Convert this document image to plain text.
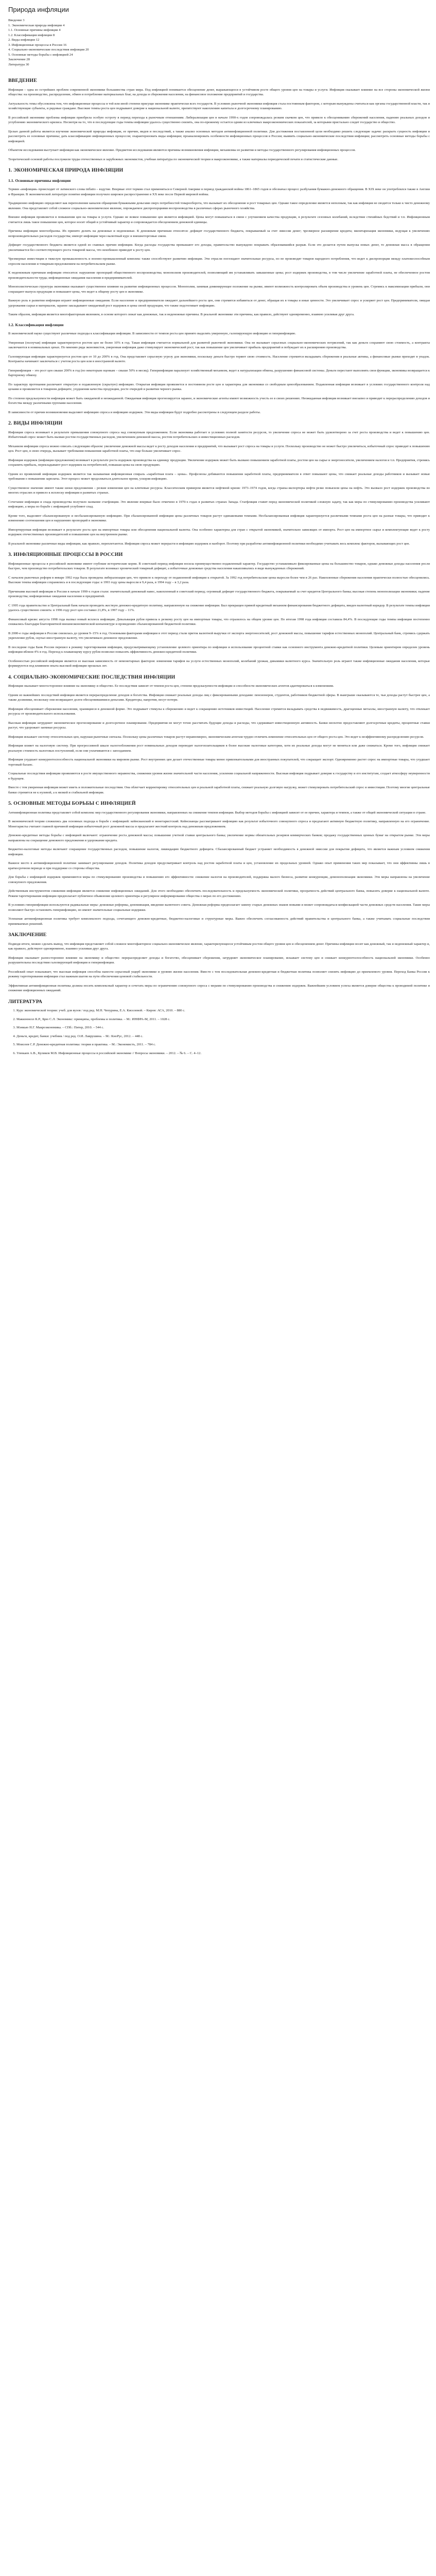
Природа инфляции
Введение 3
1. Экономическая природа инфляции 4
1.1. Основные причины инфляции 4
1.2. Классификация инфляции 8
2. Виды инфляции 12
3. Инфляционные процессы в России 16
4. Социально-экономические последствия инфляции 20
5. Основные методы борьбы с инфляцией 24
Заключение 28
Литература 30
ВВЕДЕНИЕ

Инфляция – одна из острейших проблем современной экономики большинства стран мира. Под инфляцией понимается обесценение денег, выражающееся в устойчивом росте общего уровня цен на товары и услуги. Инфляция оказывает влияние на все стороны экономической жизни общества: на производство, распределение, обмен и потребление материальных благ, на доходы и сбережения населения, на финансовое положение предприятий и государства.

Актуальность темы обусловлена тем, что инфляционные процессы в той или иной степени присущи экономике практически всех государств. В условиях рыночной экономики инфляция стала постоянным фактором, с которым вынуждены считаться как органы государственной власти, так и хозяйствующие субъекты, и рядовые граждане. Высокие темпы роста цен подрывают доверие к национальной валюте, препятствуют накоплению капитала и долгосрочному планированию.

В российской экономике проблема инфляции приобрела особую остроту в период перехода к рыночным отношениям. Либерализация цен в начале 1990-х годов сопровождалась резким скачком цен, что привело к обесцениванию сбережений населения, падению реальных доходов и углублению экономического кризиса. Несмотря на то, что в последующие годы темпы инфляции удалось существенно снизить, она по-прежнему остается одним из ключевых макроэкономических показателей, за которыми пристально следят государство и общество.

Целью данной работы является изучение экономической природы инфляции, ее причин, видов и последствий, а также анализ основных методов антиинфляционной политики. Для достижения поставленной цели необходимо решить следующие задачи: раскрыть сущность инфляции и рассмотреть ее основные причины; дать классификацию инфляционных процессов; охарактеризовать виды инфляции; проанализировать особенности инфляционных процессов в России; выявить социально-экономические последствия инфляции; рассмотреть основные методы борьбы с инфляцией.

Объектом исследования выступает инфляция как экономическое явление. Предметом исследования являются причины возникновения инфляции, механизмы ее развития и методы государственного регулирования инфляционных процессов.

Теоретической основой работы послужили труды отечественных и зарубежных экономистов, учебная литература по экономической теории и макроэкономике, а также материалы периодической печати и статистические данные.

1. ЭКОНОМИЧЕСКАЯ ПРИРОДА ИНФЛЯЦИИ
1.1. Основные причины инфляции

Термин «инфляция» происходит от латинского слова inflatio – вздутие. Впервые этот термин стал применяться в Северной Америке в период гражданской войны 1861–1865 годов и обозначал процесс разбухания бумажно-денежного обращения. В XIX веке он употреблялся также в Англии и Франции. В экономической литературе понятие инфляции получило широкое распространение в XX веке после Первой мировой войны.

Традиционно инфляцию определяют как переполнение каналов обращения бумажными деньгами сверх потребностей товарооборота, что вызывает их обесценение и рост товарных цен. Однако такое определение является неполным, так как инфляция не сводится только к чисто денежному явлению. Она представляет собой сложное социально-экономическое явление, порождаемое диспропорциями воспроизводства в различных сферах рыночного хозяйства.

Внешне инфляция проявляется в повышении цен на товары и услуги. Однако не всякое повышение цен является инфляцией. Цены могут повышаться в связи с улучшением качества продукции, в результате сезонных колебаний, вследствие стихийных бедствий и т.п. Инфляционным считается лишь такое повышение цен, которое носит общий и устойчивый характер и сопровождается обесценением денежной единицы.

Причины инфляции многообразны. Их принято делить на денежные и неденежные. К денежным причинам относятся: дефицит государственного бюджета, покрываемый за счет эмиссии денег; чрезмерное расширение кредита; милитаризация экономики, ведущая к увеличению непроизводительных расходов государства; импорт инфляции через валютный курс и внешнеторговые связи.

Дефицит государственного бюджета является одной из главных причин инфляции. Когда расходы государства превышают его доходы, правительство вынуждено покрывать образовавшийся разрыв. Если это делается путем выпуска новых денег, то денежная масса в обращении увеличивается без соответствующего роста товарной массы, что неизбежно приводит к росту цен.

Чрезмерные инвестиции в тяжелую промышленность и военно-промышленный комплекс также способствуют развитию инфляции. Эти отрасли поглощают значительные ресурсы, но не производят товаров народного потребления, что ведет к диспропорции между платежеспособным спросом населения и товарным предложением на потребительском рынке.

К неденежным причинам инфляции относятся: нарушение пропорций общественного воспроизводства; монополизм производителей, позволяющий им устанавливать завышенные цены; рост издержек производства, в том числе увеличение заработной платы, не обеспеченное ростом производительности труда; инфляционные ожидания населения и предпринимателей.

Монополистическая структура экономики оказывает существенное влияние на развитие инфляционных процессов. Монополии, занимая доминирующее положение на рынке, имеют возможность контролировать объем производства и уровень цен. Стремясь к максимизации прибыли, они сокращают выпуск продукции и повышают цены, что ведет к общему росту цен в экономике.

Важную роль в развитии инфляции играют инфляционные ожидания. Если население и предприниматели ожидают дальнейшего роста цен, они стремятся избавиться от денег, обращая их в товары и иные ценности. Это увеличивает спрос и ускоряет рост цен. Предприниматели, ожидая удорожания сырья и материалов, заранее закладывают ожидаемый рост издержек в цены своей продукции, что также подстегивает инфляцию.

Таким образом, инфляция является многофакторным явлением, в основе которого лежат как денежные, так и неденежные причины. В реальной экономике эти причины, как правило, действуют одновременно, взаимно усиливая друг друга.

1.2. Классификация инфляции

В экономической науке существуют различные подходы к классификации инфляции. В зависимости от темпов роста цен принято выделять умеренную, галопирующую инфляцию и гиперинфляцию.

Умеренная (ползучая) инфляция характеризуется ростом цен не более 10% в год. Такая инфляция считается нормальной для развитой рыночной экономики. Она не вызывает серьезных социально-экономических потрясений, так как деньги сохраняют свою стоимость, а контракты заключаются в номинальных ценах. По мнению ряда экономистов, умеренная инфляция даже стимулирует экономический рост, так как повышение цен увеличивает прибыль предприятий и побуждает их к расширению производства.

Галопирующая инфляция характеризуется ростом цен от 10 до 200% в год. Она представляет серьезную угрозу для экономики, поскольку деньги быстро теряют свою стоимость. Население стремится вкладывать сбережения в реальные активы, а финансовые рынки приходят в упадок. Контракты начинают заключаться с учетом роста цен или в иностранной валюте.

Гиперинфляция – это рост цен свыше 200% в год (по некоторым оценкам – свыше 50% в месяц). Гиперинфляция парализует хозяйственный механизм, ведет к натурализации обмена, разрушению финансовой системы. Деньги перестают выполнять свои функции, экономика возвращается к бартерному обмену.

По характеру протекания различают открытую и подавленную (скрытую) инфляцию. Открытая инфляция проявляется в постоянном росте цен и характерна для экономики со свободным ценообразованием. Подавленная инфляция возникает в условиях государственного контроля над ценами и проявляется в товарном дефиците, ухудшении качества продукции, росте очередей и развитии черного рынка.

По степени предсказуемости инфляция может быть ожидаемой и неожиданной. Ожидаемая инфляция прогнозируется заранее, и экономические агенты имеют возможность учесть ее в своих решениях. Неожиданная инфляция возникает внезапно и приводит к перераспределению доходов и богатства между различными группами населения.

В зависимости от причин возникновения выделяют инфляцию спроса и инфляцию издержек. Эти виды инфляции будут подробно рассмотрены в следующем разделе работы.

2. ВИДЫ ИНФЛЯЦИИ

Инфляция спроса возникает в результате превышения совокупного спроса над совокупным предложением. Если экономика работает в условиях полной занятости ресурсов, то увеличение спроса не может быть удовлетворено за счет роста производства и ведет к повышению цен. Избыточный спрос может быть вызван ростом государственных расходов, увеличением денежной массы, ростом потребительских и инвестиционных расходов.

Механизм инфляции спроса можно описать следующим образом: увеличение денежной массы ведет к росту доходов населения и предприятий, что вызывает рост спроса на товары и услуги. Поскольку производство не может быстро увеличиться, избыточный спрос приводит к повышению цен. Рост цен, в свою очередь, вызывает требования повышения заработной платы, что еще больше увеличивает спрос.

Инфляция издержек (инфляция предложения) возникает в результате роста издержек производства на единицу продукции. Увеличение издержек может быть вызвано повышением заработной платы, ростом цен на сырье и энергоносители, увеличением налогов и т.п. Предприятия, стремясь сохранить прибыль, перекладывают рост издержек на потребителей, повышая цены на свою продукцию.

Одним из проявлений инфляции издержек является так называемая инфляционная спираль «заработная плата – цены». Профсоюзы добиваются повышения заработной платы, предприниматели в ответ повышают цены, что снижает реальные доходы работников и вызывает новые требования о повышении зарплаты. Этот процесс может продолжаться длительное время, ускоряя инфляцию.

Существенное значение имеют также шоки предложения – резкие изменения цен на ключевые ресурсы. Классическим примером является нефтяной кризис 1973–1974 годов, когда страны-экспортеры нефти резко повысили цены на нефть. Это вызвало рост издержек производства во многих отраслях и привело к всплеску инфляции в развитых странах.

Сочетание инфляции и спада производства получило название стагфляции. Это явление впервые было отмечено в 1970-х годах в развитых странах Запада. Стагфляция ставит перед экономической политикой сложную задачу, так как меры по стимулированию производства усиливают инфляцию, а меры по борьбе с инфляцией углубляют спад.

Кроме того, выделяют сбалансированную и несбалансированную инфляцию. При сбалансированной инфляции цены различных товаров растут одинаковыми темпами. Несбалансированная инфляция характеризуется различными темпами роста цен на разные товары, что приводит к изменению соотношения цен и нарушению пропорций в экономике.

Импортируемая инфляция возникает в результате роста цен на импортные товары или обесценения национальной валюты. Она особенно характерна для стран с открытой экономикой, значительно зависящих от импорта. Рост цен на импортное сырье и комплектующие ведет к росту издержек отечественных производителей и повышению цен на внутреннем рынке.

В реальной экономике различные виды инфляции, как правило, переплетаются. Инфляция спроса может перерасти в инфляцию издержек и наоборот. Поэтому при разработке антиинфляционной политики необходимо учитывать весь комплекс факторов, вызывающих рост цен.

3. ИНФЛЯЦИОННЫЕ ПРОЦЕССЫ В РОССИИ

Инфляционные процессы в российской экономике имеют глубокие исторические корни. В советский период инфляция носила преимущественно подавленный характер. Государство устанавливало фиксированные цены на большинство товаров, однако денежные доходы населения росли быстрее, чем производство потребительских товаров. В результате возникал хронический товарный дефицит, а избыточные денежные средства населения накапливались в виде вынужденных сбережений.

С началом рыночных реформ в январе 1992 года была проведена либерализация цен, что привело к переходу от подавленной инфляции к открытой. За 1992 год потребительские цены выросли более чем в 26 раз. Накопленные сбережения населения практически полностью обесценились. Высокие темпы инфляции сохранялись и в последующие годы: в 1993 году цены выросли в 9,4 раза, в 1994 году – в 3,2 раза.

Причинами высокой инфляции в России в начале 1990-х годов стали: значительный денежный навес, накопленный в советский период; огромный дефицит государственного бюджета, покрываемый за счет кредитов Центрального банка; высокая степень монополизации экономики; падение производства; инфляционные ожидания населения и предприятий.

С 1995 года правительство и Центральный банк начали проводить жесткую денежно-кредитную политику, направленную на снижение инфляции. Был прекращен прямой кредитный механизм финансирования бюджетного дефицита, введен валютный коридор. В результате темпы инфляции удалось существенно снизить: в 1996 году рост цен составил 21,8%, в 1997 году – 11%.

Финансовый кризис августа 1998 года вызвал новый всплеск инфляции. Девальвация рубля привела к резкому росту цен на импортные товары, что отразилось на общем уровне цен. По итогам 1998 года инфляция составила 84,4%. В последующие годы темпы инфляции постепенно снижались благодаря благоприятной внешнеэкономической конъюнктуре и проведению сбалансированной бюджетной политики.

В 2000-е годы инфляция в России снизилась до уровня 9–15% в год. Основными факторами инфляции в этот период стали приток валютной выручки от экспорта энергоносителей, рост денежной массы, повышение тарифов естественных монополий. Центральный банк, стремясь сдержать укрепление рубля, скупал иностранную валюту, что увеличивало денежное предложение.

В последние годы Банк России перешел к режиму таргетирования инфляции, предусматривающему установление целевого ориентира по инфляции и использование процентной ставки как основного инструмента денежно-кредитной политики. Целевым ориентиром определен уровень инфляции вблизи 4% в год. Переход к плавающему курсу рубля позволил повысить эффективность денежно-кредитной политики.

Особенностью российской инфляции является ее высокая зависимость от немонетарных факторов: изменения тарифов на услуги естественных монополий, колебаний урожая, динамики валютного курса. Значительную роль играют также инфляционные ожидания населения, которые формируются под влиянием опыта высокой инфляции прошлых лет.

4. СОЦИАЛЬНО-ЭКОНОМИЧЕСКИЕ ПОСЛЕДСТВИЯ ИНФЛЯЦИИ

Инфляция оказывает многостороннее влияние на экономику и общество. Ее последствия зависят от темпов роста цен, степени предсказуемости инфляции и способности экономических агентов адаптироваться к изменениям.

Одним из важнейших последствий инфляции является перераспределение доходов и богатства. Инфляция снижает реальные доходы лиц с фиксированными доходами: пенсионеров, студентов, работников бюджетной сферы. В выигрыше оказываются те, чьи доходы растут быстрее цен, а также должники, поскольку они возвращают долги обесценившимися деньгами. Кредиторы, напротив, несут потери.

Инфляция обесценивает сбережения населения, хранящиеся в денежной форме. Это подрывает стимулы к сбережению и ведет к сокращению источников инвестиций. Население стремится вкладывать средства в недвижимость, драгоценные металлы, иностранную валюту, что отвлекает ресурсы от производительного использования.

Высокая инфляция затрудняет экономическое прогнозирование и долгосрочное планирование. Предприятия не могут точно рассчитать будущие доходы и расходы, что сдерживает инвестиционную активность. Банки неохотно предоставляют долгосрочные кредиты, процентные ставки растут, что удорожает заемные ресурсы.

Инфляция искажает систему относительных цен, нарушая рыночные сигналы. Поскольку цены различных товаров растут неравномерно, экономическим агентам трудно отличить изменение относительных цен от общего роста цен. Это ведет к неэффективному распределению ресурсов.

Инфляция влияет на налоговую систему. При прогрессивной шкале налогообложения рост номинальных доходов переводит налогоплательщиков в более высокие налоговые категории, хотя их реальные доходы могут не меняться или даже снижаться. Кроме того, инфляция снижает реальную стоимость налоговых поступлений, если они уплачиваются с запозданием.

Инфляция ухудшает конкурентоспособность национальной экономики на мировом рынке. Рост внутренних цен делает отечественные товары менее привлекательными для иностранных покупателей, что сокращает экспорт. Одновременно растет спрос на импортные товары, что ухудшает торговый баланс.

Социальные последствия инфляции проявляются в росте имущественного неравенства, снижении уровня жизни значительной части населения, усилении социальной напряженности. Высокая инфляция подрывает доверие к государству и его институтам, создает атмосферу неуверенности в будущем.

Вместе с тем умеренная инфляция может иметь и положительные последствия. Она облегчает корректировку относительных цен и реальной заработной платы, снижает реальную долговую нагрузку, может стимулировать потребительский спрос и инвестиции. Поэтому многие центральные банки стремятся не к нулевой, а к низкой и стабильной инфляции.

5. ОСНОВНЫЕ МЕТОДЫ БОРЬБЫ С ИНФЛЯЦИЕЙ

Антиинфляционная политика представляет собой комплекс мер государственного регулирования экономики, направленных на снижение темпов инфляции. Выбор методов борьбы с инфляцией зависит от ее причин, характера и темпов, а также от общей экономической ситуации в стране.

В экономической теории сложились два основных подхода к борьбе с инфляцией: кейнсианский и монетаристский. Кейнсианцы рассматривают инфляцию как результат избыточного совокупного спроса и предлагают активную бюджетную политику, направленную на его ограничение. Монетаристы считают главной причиной инфляции избыточный рост денежной массы и предлагают жесткий контроль над денежным предложением.

Денежно-кредитные методы борьбы с инфляцией включают: ограничение роста денежной массы; повышение учетной ставки центрального банка; увеличение нормы обязательных резервов коммерческих банков; продажу государственных ценных бумаг на открытом рынке. Эти меры направлены на сокращение денежного предложения и удорожание кредита.

Бюджетно-налоговые методы включают сокращение государственных расходов, повышение налогов, ликвидацию бюджетного дефицита. Сбалансированный бюджет устраняет необходимость в денежной эмиссии для покрытия дефицита, что является важным условием снижения инфляции.

Важное место в антиинфляционной политике занимает регулирование доходов. Политика доходов предусматривает контроль над ростом заработной платы и цен, установление их предельных уровней. Однако опыт применения таких мер показывает, что они эффективны лишь в краткосрочном периоде и при поддержке со стороны общества.

Для борьбы с инфляцией издержек применяются меры по стимулированию производства и повышению его эффективности: снижение налогов на производителей, поддержка малого бизнеса, развитие конкуренции, демонополизация экономики. Эти меры направлены на увеличение совокупного предложения.

Действенным инструментом снижения инфляции является снижение инфляционных ожиданий. Для этого необходимо обеспечить последовательность и предсказуемость экономической политики, прозрачность действий центрального банка, повысить доверие к национальной валюте. Режим таргетирования инфляции предполагает публичное объявление целевого ориентира и регулярное информирование общества о мерах по его достижению.

В условиях гиперинфляции используются радикальные меры: денежные реформы, деноминация, введение валютного совета. Денежная реформа предполагает замену старых денежных знаков новыми и может сопровождаться конфискацией части денежных средств населения. Такие меры позволяют быстро остановить гиперинфляцию, но имеют значительные социальные издержки.

Успешная антиинфляционная политика требует комплексного подхода, сочетающего денежно-кредитные, бюджетно-налоговые и структурные меры. Важно обеспечить согласованность действий правительства и центрального банка, а также учитывать социальные последствия принимаемых решений.

ЗАКЛЮЧЕНИЕ

Подводя итоги, можно сделать вывод, что инфляция представляет собой сложное многофакторное социально-экономическое явление, характеризующееся устойчивым ростом общего уровня цен и обесценением денег. Причины инфляции носят как денежный, так и неденежный характер и, как правило, действуют одновременно, взаимно усиливая друг друга.

Инфляция оказывает разностороннее влияние на экономику и общество: перераспределяет доходы и богатство, обесценивает сбережения, затрудняет экономическое планирование, искажает систему цен и снижает конкурентоспособность национальной экономики. Особенно разрушительны последствия галопирующей инфляции и гиперинфляции.

Российский опыт показывает, что высокая инфляция способна нанести серьезный ущерб экономике и уровню жизни населения. Вместе с тем последовательная денежно-кредитная и бюджетная политика позволяет снизить инфляцию до приемлемого уровня. Переход Банка России к режиму таргетирования инфляции стал важным шагом на пути обеспечения ценовой стабильности.

Эффективная антиинфляционная политика должна носить комплексный характер и сочетать меры по ограничению совокупного спроса с мерами по стимулированию производства и снижению издержек. Важнейшим условием успеха является доверие общества к проводимой политике и снижение инфляционных ожиданий.

ЛИТЕРАТУРА
1. Курс экономической теории: учеб. для вузов / под ред. М.Н. Чепурина, Е.А. Киселевой. – Киров: АСА, 2010. – 880 с.
2. Макконнелл К.Р., Брю С.Л. Экономикс: принципы, проблемы и политика. – М.: ИНФРА-М, 2011. – 1028 с.
3. Мэнкью Н.Г. Макроэкономика. – СПб.: Питер, 2010. – 544 с.
4. Деньги, кредит, банки: учебник / под ред. О.И. Лаврушина. – М.: КноРус, 2012. – 448 с.
5. Моисеев С.Р. Денежно-кредитная политика: теория и практика. – М.: Экономистъ, 2011. – 784 с.
6. Улюкаев А.В., Куликов М.В. Инфляционные процессы в российской экономике // Вопросы экономики. – 2012. – № 6. – С. 4–12.
